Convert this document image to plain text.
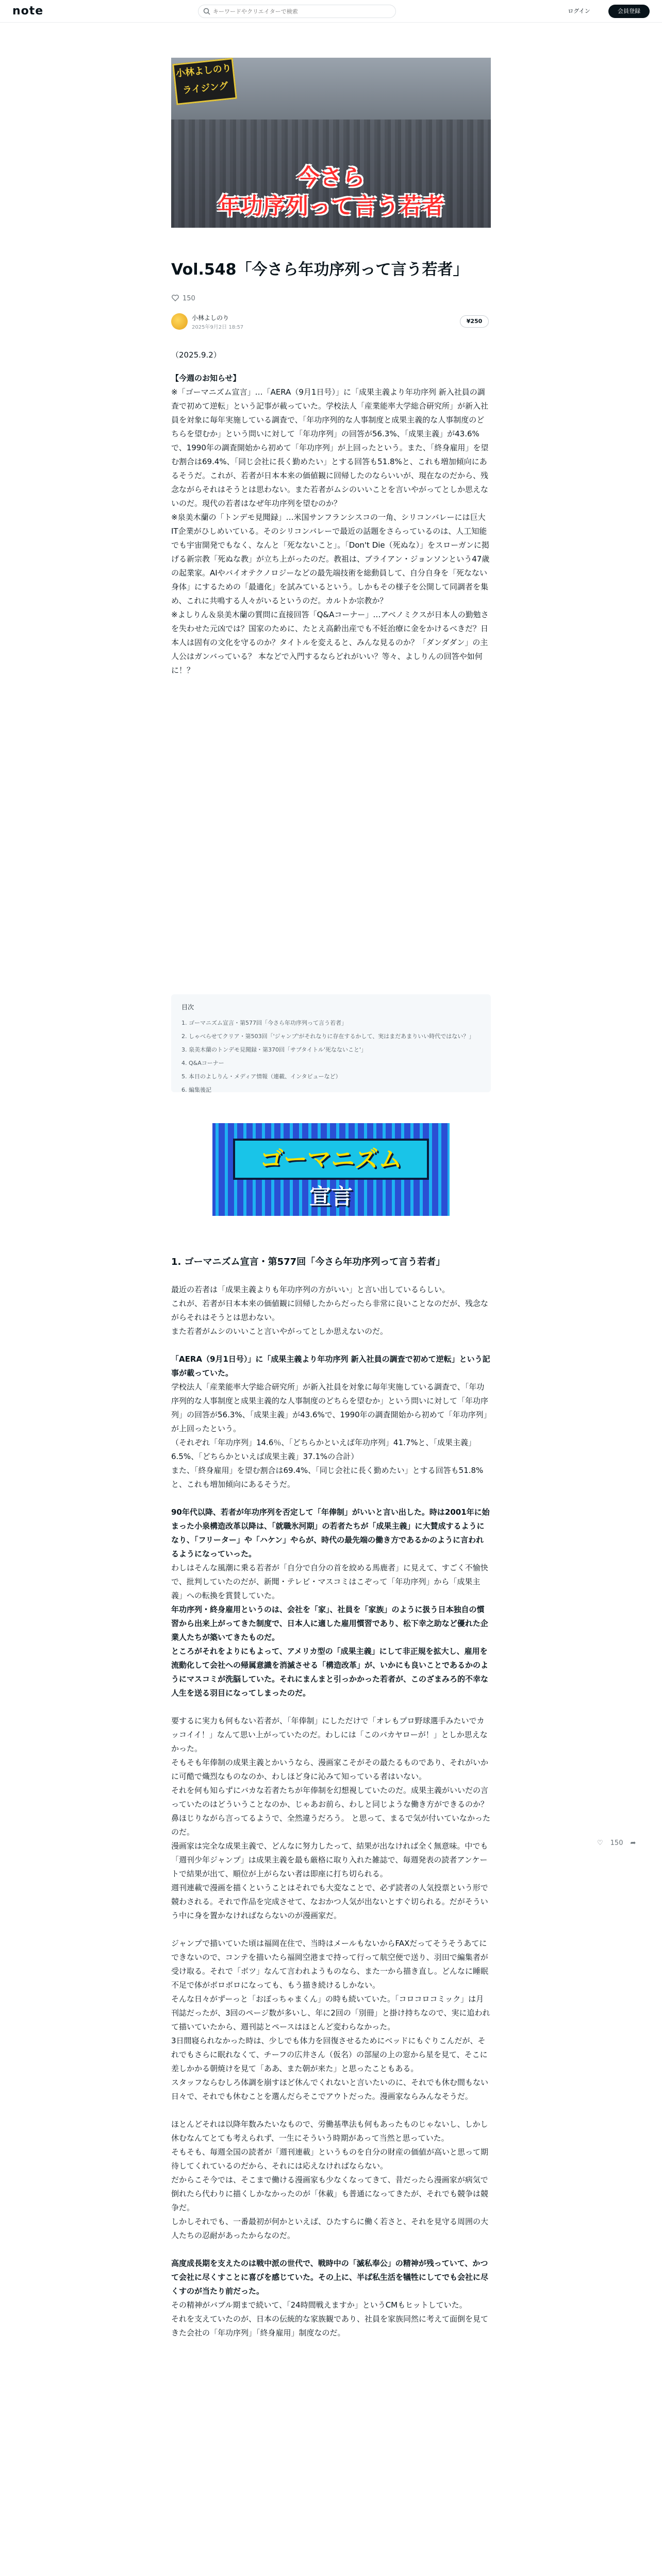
note
キーワードやクリエイターで検索	ログイン	会員登録
小林よしのり ライジング
今さら
年功序列って言う若者
Vol.548「今さら年功序列って言う若者」
150
小林よしのり
2025年9月2日 18:57
¥250

（2025.9.2）

【今週のお知らせ】

※「ゴーマニズム宣言」…「AERA（9月1日号）」に「成果主義より年功序列 新入社員の調査で初めて逆転」という記事が載っていた。学校法人「産業能率大学総合研究所」が新入社員を対象に毎年実施している調査で、「年功序列的な人事制度と成果主義的な人事制度のどちらを望むか」という問いに対して「年功序列」の回答が56.3%、「成果主義」が43.6%で、1990年の調査開始から初めて「年功序列」が上回ったという。また、「終身雇用」を望む割合は69.4%、「同じ会社に長く勤めたい」とする回答も51.8%と、これも増加傾向にあるそうだ。これが、若者が日本本来の価値観に回帰したのならいいが、現在なのだから、残念ながらそれはそうとは思わない。また若者がムシのいいことを言いやがってとしか思えないのだ。現代の若者はなぜ年功序列を望むのか？

※泉美木蘭の「トンデモ見聞録」…米国サンフランシスコの一角、シリコンバレーには巨大IT企業がひしめいている。そのシリコンバレーで最近の話題をさらっているのは、人工知能でも宇宙開発でもなく、なんと「死なないこと」。「Don't Die（死ぬな）」をスローガンに掲げる新宗教「死ぬな教」が立ち上がったのだ。教祖は、ブライアン・ジョンソンという47歳の起業家。AIやバイオテクノロジーなどの最先端技術を総動員して、自分自身を「死なない身体」にするための「最適化」を試みているという。しかもその様子を公開して同調者を集め、これに共鳴する人々がいるというのだ。カルトか宗教か？

※よしりん＆泉美木蘭の質問に直接回答「Q&Aコーナー」…アベノミクスが日本人の勤勉さを失わせた元凶では？国家のために、たとえ高齢出産でも不妊治療に金をかけるべきだ？日本人は固有の文化を守るのか？タイトルを変えると、みんな見るのか？「ダンダダン」の主人公はガンバっている？ 本などで入門するならどれがいい？等々、よしりんの回答や如何に！？

目次
1. ゴーマニズム宣言・第577回「今さら年功序列って言う若者」
2. しゃべらせてクリア・第503回「'ジャンプ'がそれなりに存在するかして、実はまだあまりいい時代ではない？」
3. 泉美木蘭のトンデモ見聞録・第370回「サブタイトル'死なないこと'」
4. Q&Aコーナー
5. 本日のよしりん・メディア情報（連載、インタビューなど）
6. 編集後記
ゴーマニズム
宣言
1. ゴーマニズム宣言・第577回「今さら年功序列って言う若者」

最近の若者は「成果主義よりも年功序列の方がいい」と言い出しているらしい。

これが、若者が日本本来の価値観に回帰したからだったら非常に良いことなのだが、残念ながらそれはそうとは思わない。

また若者がムシのいいこと言いやがってとしか思えないのだ。

「AERA（9月1日号）」に「成果主義より年功序列 新入社員の調査で初めて逆転」という記事が載っていた。

学校法人「産業能率大学総合研究所」が新入社員を対象に毎年実施している調査で、「年功序列的な人事制度と成果主義的な人事制度のどちらを望むか」という問いに対して「年功序列」の回答が56.3%、「成果主義」が43.6%で、1990年の調査開始から初めて「年功序列」が上回ったという。

（それぞれ「年功序列」14.6％、「どちらかといえば年功序列」41.7%と、「成果主義」6.5%、「どちらかといえば成果主義」37.1%の合計）

また、「終身雇用」を望む割合は69.4%、「同じ会社に長く勤めたい」とする回答も51.8%と、これも増加傾向にあるそうだ。

90年代以降、若者が年功序列を否定して「年俸制」がいいと言い出した。時は2001年に始まった小泉構造改革以降は、「就職氷河期」の若者たちが「成果主義」に大賛成するようになり、「フリーター」や「ハケン」やらが、時代の最先端の働き方であるかのように言われるようになっていった。

わしはそんな風潮に乗る若者が「自分で自分の首を絞める馬鹿者」に見えて、すごく不愉快で、批判していたのだが、新聞・テレビ・マスコミはこぞって「年功序列」から「成果主義」への転換を賞賛していた。

年功序列・終身雇用というのは、会社を「家」、社員を「家族」のように扱う日本独自の慣習から出来上がってきた制度で、日本人に適した雇用慣習であり、松下幸之助など優れた企業人たちが築いてきたものだ。

ところがそれをよりにもよって、アメリカ型の「成果主義」にして非正規を拡大し、雇用を流動化して会社への帰属意識を消滅させる「構造改革」が、いかにも良いことであるかのようにマスコミが洗脳していた。それにまんまと引っかかった若者が、このざまみろ的不幸な人生を送る羽目になってしまったのだ。

要するに実力も何もない若者が、「年俸制」にしただけで「オレもプロ野球選手みたいでカッコイイ！」なんて思い上がっていたのだ。わしには「このバカヤローが！」としか思えなかった。

そもそも年俸制の成果主義とかいうなら、漫画家こそがその最たるものであり、それがいかに可酷で熾烈なものなのか、わしほど身に沁みて知っている者はいない。

それを何も知らずにバカな若者たちが年俸制を幻想視していたのだ。成果主義がいいだの言っていたのはどういうことなのか、じゃあお前ら、わしと同じような働き方ができるのか？ 鼻ほじりながら言ってるようで、全然違うだろう。 と思って、まるで気が付いていなかったのだ。

漫画家は完全な成果主義で、どんなに努力したって、結果が出なければ全く無意味。中でも「週刊少年ジャンプ」は成果主義を最も厳格に取り入れた雑誌で、毎週発表の読者アンケートで結果が出て、順位が上がらない者は即座に打ち切られる。

週刊連載で漫画を描くということはそれでも大変なことで、必ず読者の人気投票という形で競わされる。それで作品を完成させて、なおかつ人気が出ないとすぐ切られる。だがそういう中に身を置かなければならないのが漫画家だ。

ジャンプで描いていた頃は福岡在住で、当時はメールもないからFAXだってそうそうあてにできないので、コンテを描いたら福岡空港まで持って行って航空便で送り、羽田で編集者が受け取る。それで「ボツ」なんて言われようものなら、また一から描き直し。どんなに睡眠不足で体がボロボロになっても、もう描き続けるしかない。

そんな日々がずーっと「おぼっちゃまくん」の時も続いていた。「コロコロコミック」は月刊誌だったが、3回のページ数が多いし、年に2回の「別冊」と掛け持ちなので、実に追われて描いていたから、週刊誌とペースはほとんど変わらなかった。

3日間寝られなかった時は、少しでも体力を回復させるためにベッドにもぐりこんだが、それでもさらに眠れなくて、チーフの広井さん（仮名）の部屋の上の窓から星を見て、そこに差しかかる朝焼けを見て「ああ、また朝が来た」と思ったこともある。

スタッフならむしろ体調を崩すほど休んでくれないと言いたいのに、それでも休む間もない日々で、それでも休むことを選んだらそこでアウトだった。漫画家ならみんなそうだ。

ほとんどそれは以降年数みたいなもので、労働基準法も何もあったものじゃないし、しかし休むなんてとても考えられず、一生にそういう時期があって当然と思っていた。

そもそも、毎週全国の読者が「週刊連載」というものを自分の財産の価値が高いと思って期待してくれているのだから、それには応えなければならない。

だからこそ今では、そこまで働ける漫画家も少なくなってきて、昔だったら漫画家が病気で倒れたら代わりに描くしかなかったのが「休載」も普通になってきたが、それでも競争は競争だ。

しかしそれでも、一番最初が何かといえば、ひたすらに働く若さと、それを見守る周囲の大人たちの忍耐があったからなのだ。

高度成長期を支えたのは戦中派の世代で、戦時中の「滅私奉公」の精神が残っていて、かつて会社に尽くすことに喜びを感じていた。その上に、半ば私生活を犠牲にしてでも会社に尽くすのが当たり前だった。

その精神がバブル期まで続いて、「24時間戦えますか」というCMもヒットしていた。

それを支えていたのが、日本の伝統的な家族観であり、社員を家族同然に考えて面倒を見てきた会社の「年功序列」「終身雇用」制度なのだ。

♡ 150 ➦
